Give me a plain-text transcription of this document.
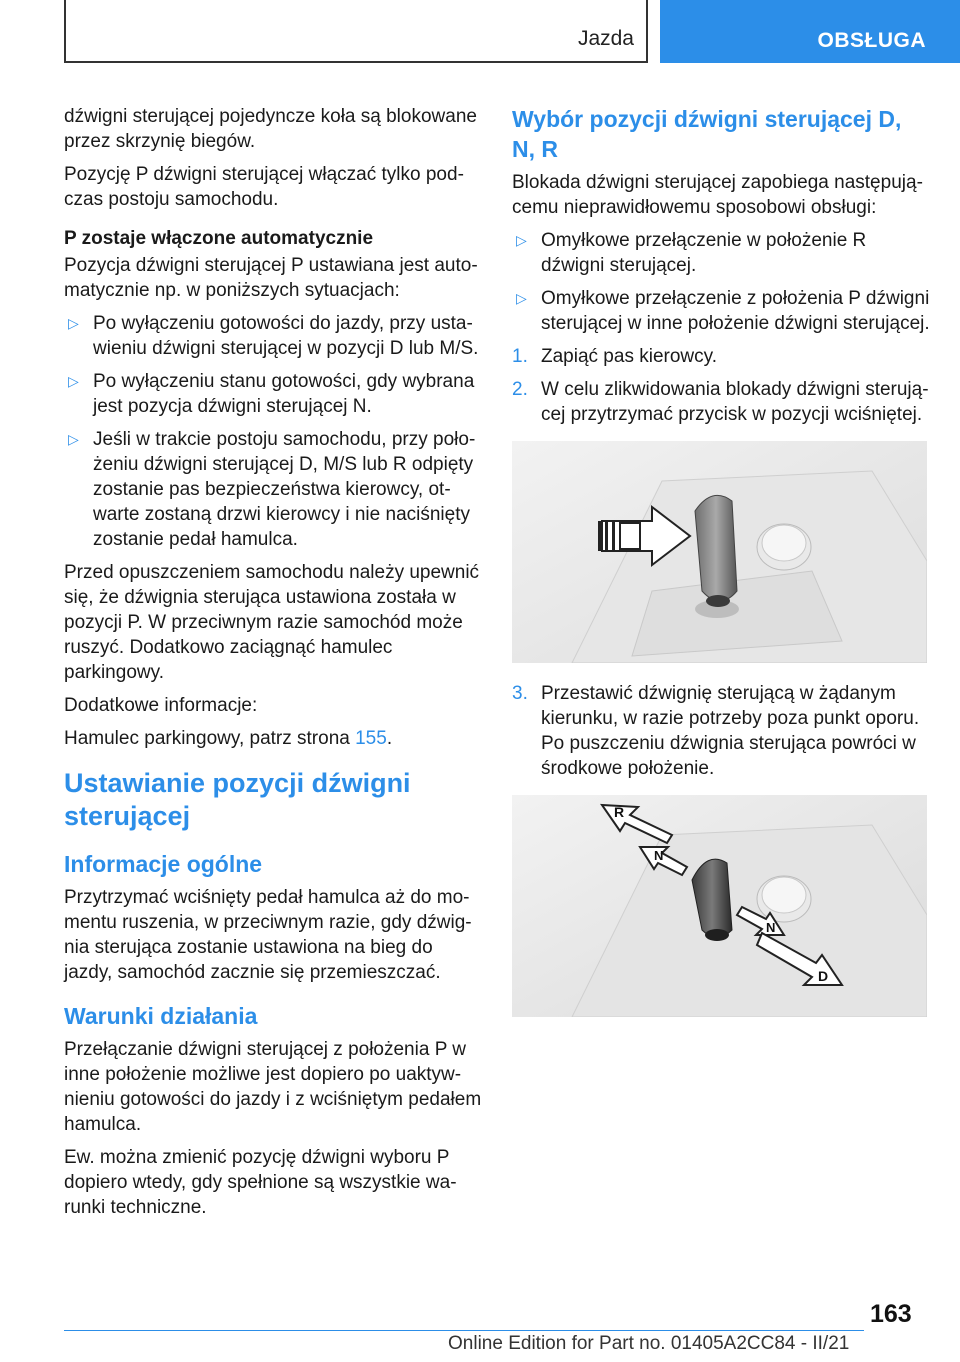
Jazda	OBSŁUGA

dźwigni sterującej pojedyncze koła są blokowane przez skrzynię biegów.

Pozycję P dźwigni sterującej włączać tylko podczas postoju samochodu.

P zostaje włączone automatycznie

Pozycja dźwigni sterującej P ustawiana jest automatycznie np. w poniższych sytuacjach:

▷ Po wyłączeniu gotowości do jazdy, przy ustawieniu dźwigni sterującej w pozycji D lub M/S.
▷ Po wyłączeniu stanu gotowości, gdy wybrana jest pozycja dźwigni sterującej N.
▷ Jeśli w trakcie postoju samochodu, przy położeniu dźwigni sterującej D, M/S lub R odpięty zostanie pas bezpieczeństwa kierowcy, otwarte zostaną drzwi kierowcy i nie naciśnięty zostanie pedał hamulca.

Przed opuszczeniem samochodu należy upewnić się, że dźwignia sterująca ustawiona została w pozycji P. W przeciwnym razie samochód może ruszyć. Dodatkowo zaciągnąć hamulec parkingowy.

Dodatkowe informacje:

Hamulec parkingowy, patrz strona 155.

Ustawianie pozycji dźwigni sterującej
Informacje ogólne

Przytrzymać wciśnięty pedał hamulca aż do momentu ruszenia, w przeciwnym razie, gdy dźwignia sterująca zostanie ustawiona na bieg do jazdy, samochód zacznie się przemieszczać.

Warunki działania

Przełączanie dźwigni sterującej z położenia P w inne położenie możliwe jest dopiero po uaktywnieniu gotowości do jazdy i z wciśniętym pedałem hamulca.

Ew. można zmienić pozycję dźwigni wyboru P dopiero wtedy, gdy spełnione są wszystkie warunki techniczne.

Wybór pozycji dźwigni sterującej D, N, R

Blokada dźwigni sterującej zapobiega następującemu nieprawidłowemu sposobowi obsługi:

▷ Omyłkowe przełączenie w położenie R dźwigni sterującej.
▷ Omyłkowe przełączenie z położenia P dźwigni sterującej w inne położenie dźwigni sterującej.
1. Zapiąć pas kierowcy.
2. W celu zlikwidowania blokady dźwigni sterującej przytrzymać przycisk w pozycji wciśniętej.
3. Przestawić dźwignię sterującą w żądanym kierunku, w razie potrzeby poza punkt oporu. Po puszczeniu dźwignia sterująca powróci w środkowe położenie.
R
N
N
D
163
Online Edition for Part no. 01405A2CC84 - II/21
